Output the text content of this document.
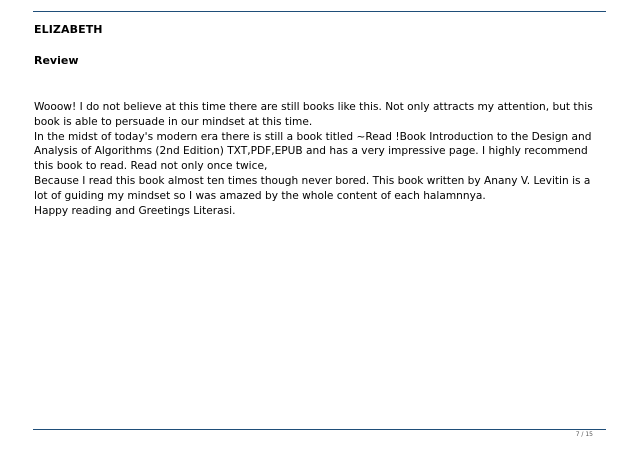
ELIZABETH
Review

Wooow! I do not believe at this time there are still books like this. Not only attracts my attention, but this book is able to persuade in our mindset at this time.

In the midst of today's modern era there is still a book titled ~Read !Book Introduction to the Design and Analysis of Algorithms (2nd Edition) TXT,PDF,EPUB and has a very impressive page. I highly recommend this book to read. Read not only once twice,

Because I read this book almost ten times though never bored. This book written by Anany V. Levitin is a lot of guiding my mindset so I was amazed by the whole content of each halamnnya.

Happy reading and Greetings Literasi.

7 / 15
